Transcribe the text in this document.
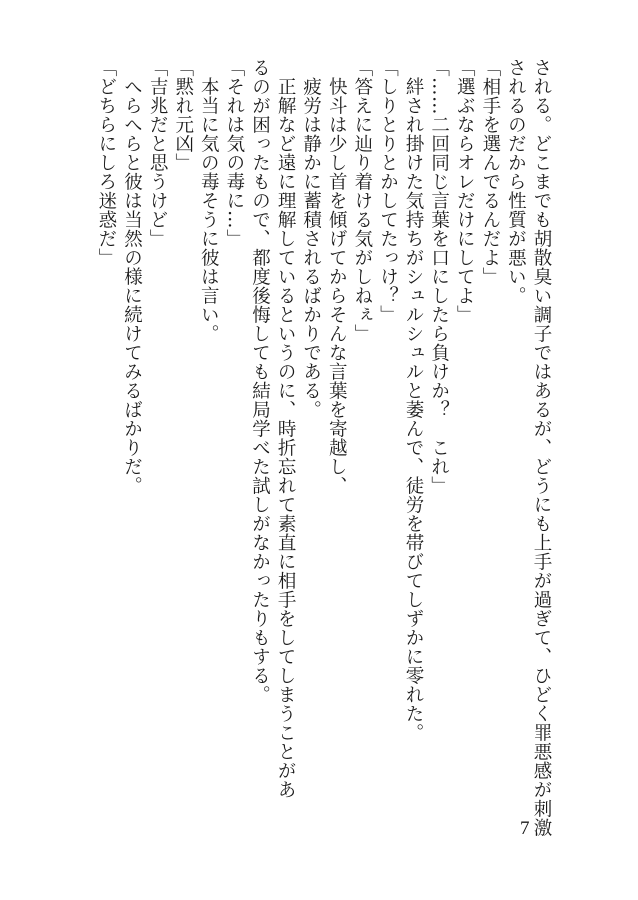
される。どこまでも胡散臭い調子ではあるが、どうにも上手が過ぎて、ひどく罪悪感が刺激
されるのだから性質が悪い。
「相手を選んでるんだよ」
「選ぶならオレだけにしてよ」
「……二回同じ言葉を口にしたら負けか？　これ」
　絆され掛けた気持ちがシュルシュルと萎んで、徒労を帯びてしずかに零れた。
「しりとりとかしてたっけ？」
「答えに辿り着ける気がしねぇ」
　快斗は少し首を傾げてからそんな言葉を寄越し、
　疲労は静かに蓄積されるばかりである。
　正解など遠に理解しているというのに、時折忘れて素直に相手をしてしまうことがあ
るのが困ったもので、都度後悔しても結局学べた試しがなかったりもする。
「それは気の毒に…」
　本当に気の毒そうに彼は言い。
「黙れ元凶」
「吉兆だと思うけど」
　へらへらと彼は当然の様に続けてみるばかりだ。
「どちらにしろ迷惑だ」
7
